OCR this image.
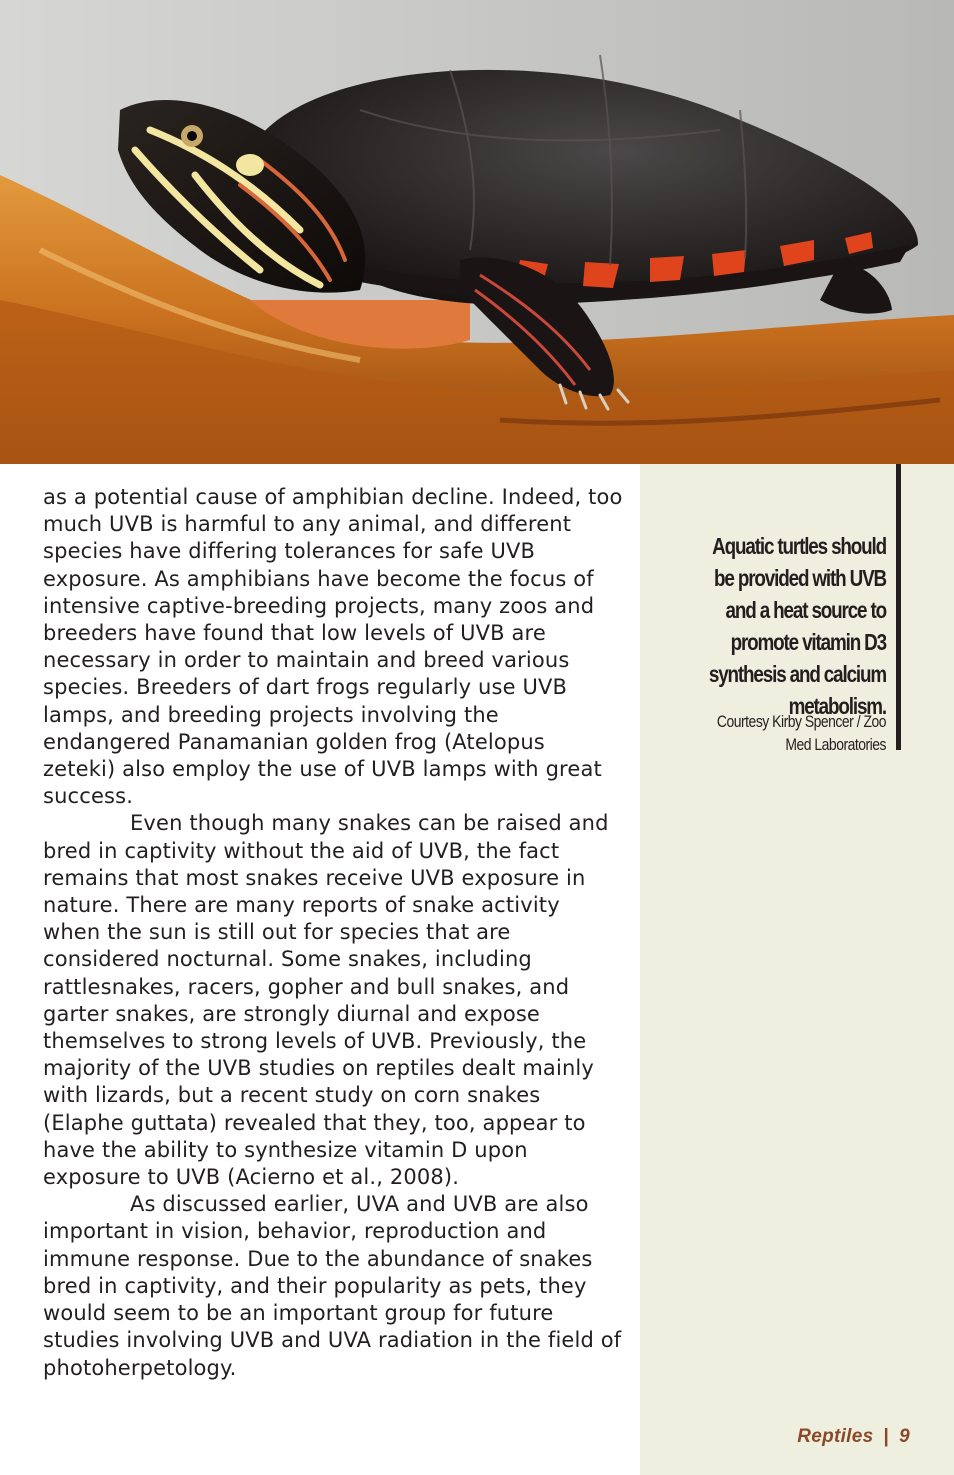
as a potential cause of amphibian decline. Indeed, too much UVB is harmful to any animal, and different species have differing tolerances for safe UVB exposure. As amphibians have become the focus of intensive captive-breeding projects, many zoos and breeders have found that low levels of UVB are necessary in order to maintain and breed various species. Breeders of dart frogs regularly use UVB lamps, and breeding projects involving the endangered Panamanian golden frog (Atelopus zeteki) also employ the use of UVB lamps with great success.

Even though many snakes can be raised and bred in captivity without the aid of UVB, the fact remains that most snakes receive UVB exposure in nature. There are many reports of snake activity when the sun is still out for species that are considered nocturnal. Some snakes, including rattlesnakes, racers, gopher and bull snakes, and garter snakes, are strongly diurnal and expose themselves to strong levels of UVB. Previously, the majority of the UVB studies on reptiles dealt mainly with lizards, but a recent study on corn snakes (Elaphe guttata) revealed that they, too, appear to have the ability to synthesize vitamin D upon exposure to UVB (Acierno et al., 2008).

As discussed earlier, UVA and UVB are also important in vision, behavior, reproduction and immune response. Due to the abundance of snakes bred in captivity, and their popularity as pets, they would seem to be an important group for future studies involving UVB and UVA radiation in the field of photoherpetology.

Aquatic turtles should be provided with UVB and a heat source to promote vitamin D3 synthesis and calcium metabolism.
Courtesy Kirby Spencer / Zoo Med Laboratories
Reptiles | 9
